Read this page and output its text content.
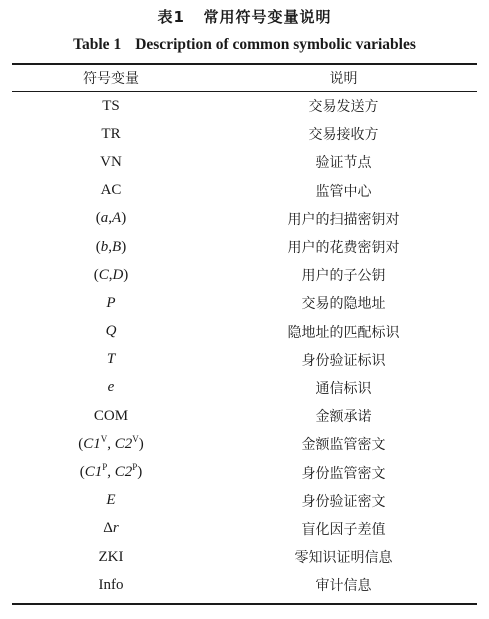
表1 常用符号变量说明
Table 1 Description of common symbolic variables
符号变量	说明
TS	交易发送方
TR	交易接收方
VN	验证节点
AC	监管中心
(a,A)	用户的扫描密钥对
(b,B)	用户的花费密钥对
(C,D)	用户的子公钥
P	交易的隐地址
Q	隐地址的匹配标识
T	身份验证标识
e	通信标识
COM	金额承诺
($C1^V$, $C2^V$)	金额监管密文
($C1^P$, $C2^P$)	身份监管密文
E	身份验证密文
Δr	盲化因子差值
ZKI	零知识证明信息
Info	审计信息
